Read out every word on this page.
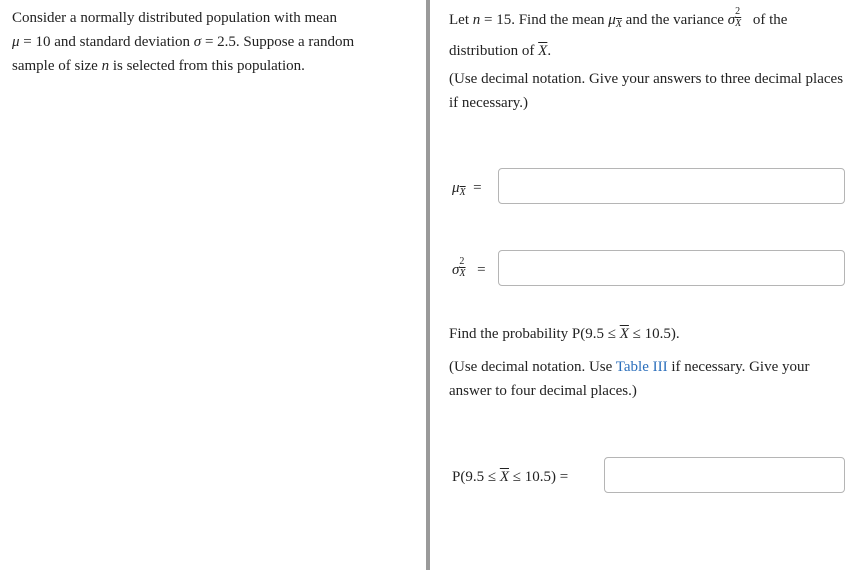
Consider a normally distributed population with mean
μ = 10 and standard deviation σ = 2.5. Suppose a random
sample of size n is selected from this population.

Let n = 15. Find the mean $\mu_{\overline{X}}$ and the variance σ $\frac{2}{X}$ of the
distribution of $\overline{X}$.

(Use decimal notation. Give your answers to three decimal places if necessary.)

$\mu_{\overline{X}}$ =
σ $\frac{2}{X}$ =

Find the probability $P(9.5 \le \overline{X} \le 10.5)$.

(Use decimal notation. Use Table III if necessary. Give your answer to four decimal places.)

$P(9.5 \le \overline{X} \le 10.5)$ =
